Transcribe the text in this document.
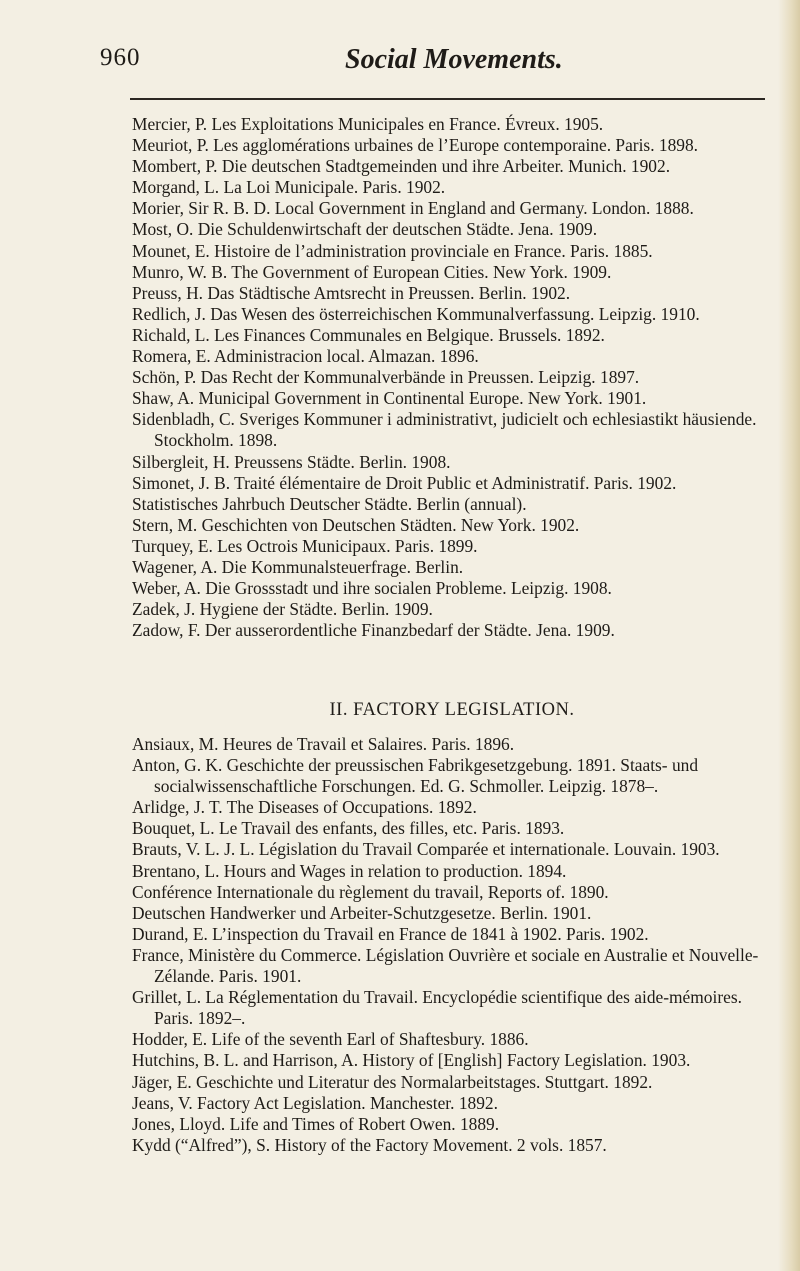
960	Social Movements.

Mercier, P. Les Exploitations Municipales en France. Évreux. 1905.

Meuriot, P. Les agglomérations urbaines de l’Europe contemporaine. Paris. 1898.

Mombert, P. Die deutschen Stadtgemeinden und ihre Arbeiter. Munich. 1902.

Morgand, L. La Loi Municipale. Paris. 1902.

Morier, Sir R. B. D. Local Government in England and Germany. London. 1888.

Most, O. Die Schuldenwirtschaft der deutschen Städte. Jena. 1909.

Mounet, E. Histoire de l’administration provinciale en France. Paris. 1885.

Munro, W. B. The Government of European Cities. New York. 1909.

Preuss, H. Das Städtische Amtsrecht in Preussen. Berlin. 1902.

Redlich, J. Das Wesen des österreichischen Kommunalverfassung. Leipzig. 1910.

Richald, L. Les Finances Communales en Belgique. Brussels. 1892.

Romera, E. Administracion local. Almazan. 1896.

Schön, P. Das Recht der Kommunalverbände in Preussen. Leipzig. 1897.

Shaw, A. Municipal Government in Continental Europe. New York. 1901.

Sidenbladh, C. Sveriges Kommuner i administrativt, judicielt och echlesiastikt häusiende. Stockholm. 1898.

Silbergleit, H. Preussens Städte. Berlin. 1908.

Simonet, J. B. Traité élémentaire de Droit Public et Administratif. Paris. 1902.

Statistisches Jahrbuch Deutscher Städte. Berlin (annual).

Stern, M. Geschichten von Deutschen Städten. New York. 1902.

Turquey, E. Les Octrois Municipaux. Paris. 1899.

Wagener, A. Die Kommunalsteuerfrage. Berlin.

Weber, A. Die Grossstadt und ihre socialen Probleme. Leipzig. 1908.

Zadek, J. Hygiene der Städte. Berlin. 1909.

Zadow, F. Der ausserordentliche Finanzbedarf der Städte. Jena. 1909.

II. FACTORY LEGISLATION.

Ansiaux, M. Heures de Travail et Salaires. Paris. 1896.

Anton, G. K. Geschichte der preussischen Fabrikgesetzgebung. 1891. Staats- und socialwissenschaftliche Forschungen. Ed. G. Schmoller. Leipzig. 1878–.

Arlidge, J. T. The Diseases of Occupations. 1892.

Bouquet, L. Le Travail des enfants, des filles, etc. Paris. 1893.

Brauts, V. L. J. L. Législation du Travail Comparée et internationale. Louvain. 1903.

Brentano, L. Hours and Wages in relation to production. 1894.

Conférence Internationale du règlement du travail, Reports of. 1890.

Deutschen Handwerker und Arbeiter-Schutzgesetze. Berlin. 1901.

Durand, E. L’inspection du Travail en France de 1841 à 1902. Paris. 1902.

France, Ministère du Commerce. Législation Ouvrière et sociale en Australie et Nouvelle-Zélande. Paris. 1901.

Grillet, L. La Réglementation du Travail. Encyclopédie scientifique des aide-mémoires. Paris. 1892–.

Hodder, E. Life of the seventh Earl of Shaftesbury. 1886.

Hutchins, B. L. and Harrison, A. History of [English] Factory Legislation. 1903.

Jäger, E. Geschichte und Literatur des Normalarbeitstages. Stuttgart. 1892.

Jeans, V. Factory Act Legislation. Manchester. 1892.

Jones, Lloyd. Life and Times of Robert Owen. 1889.

Kydd (“Alfred”), S. History of the Factory Movement. 2 vols. 1857.
